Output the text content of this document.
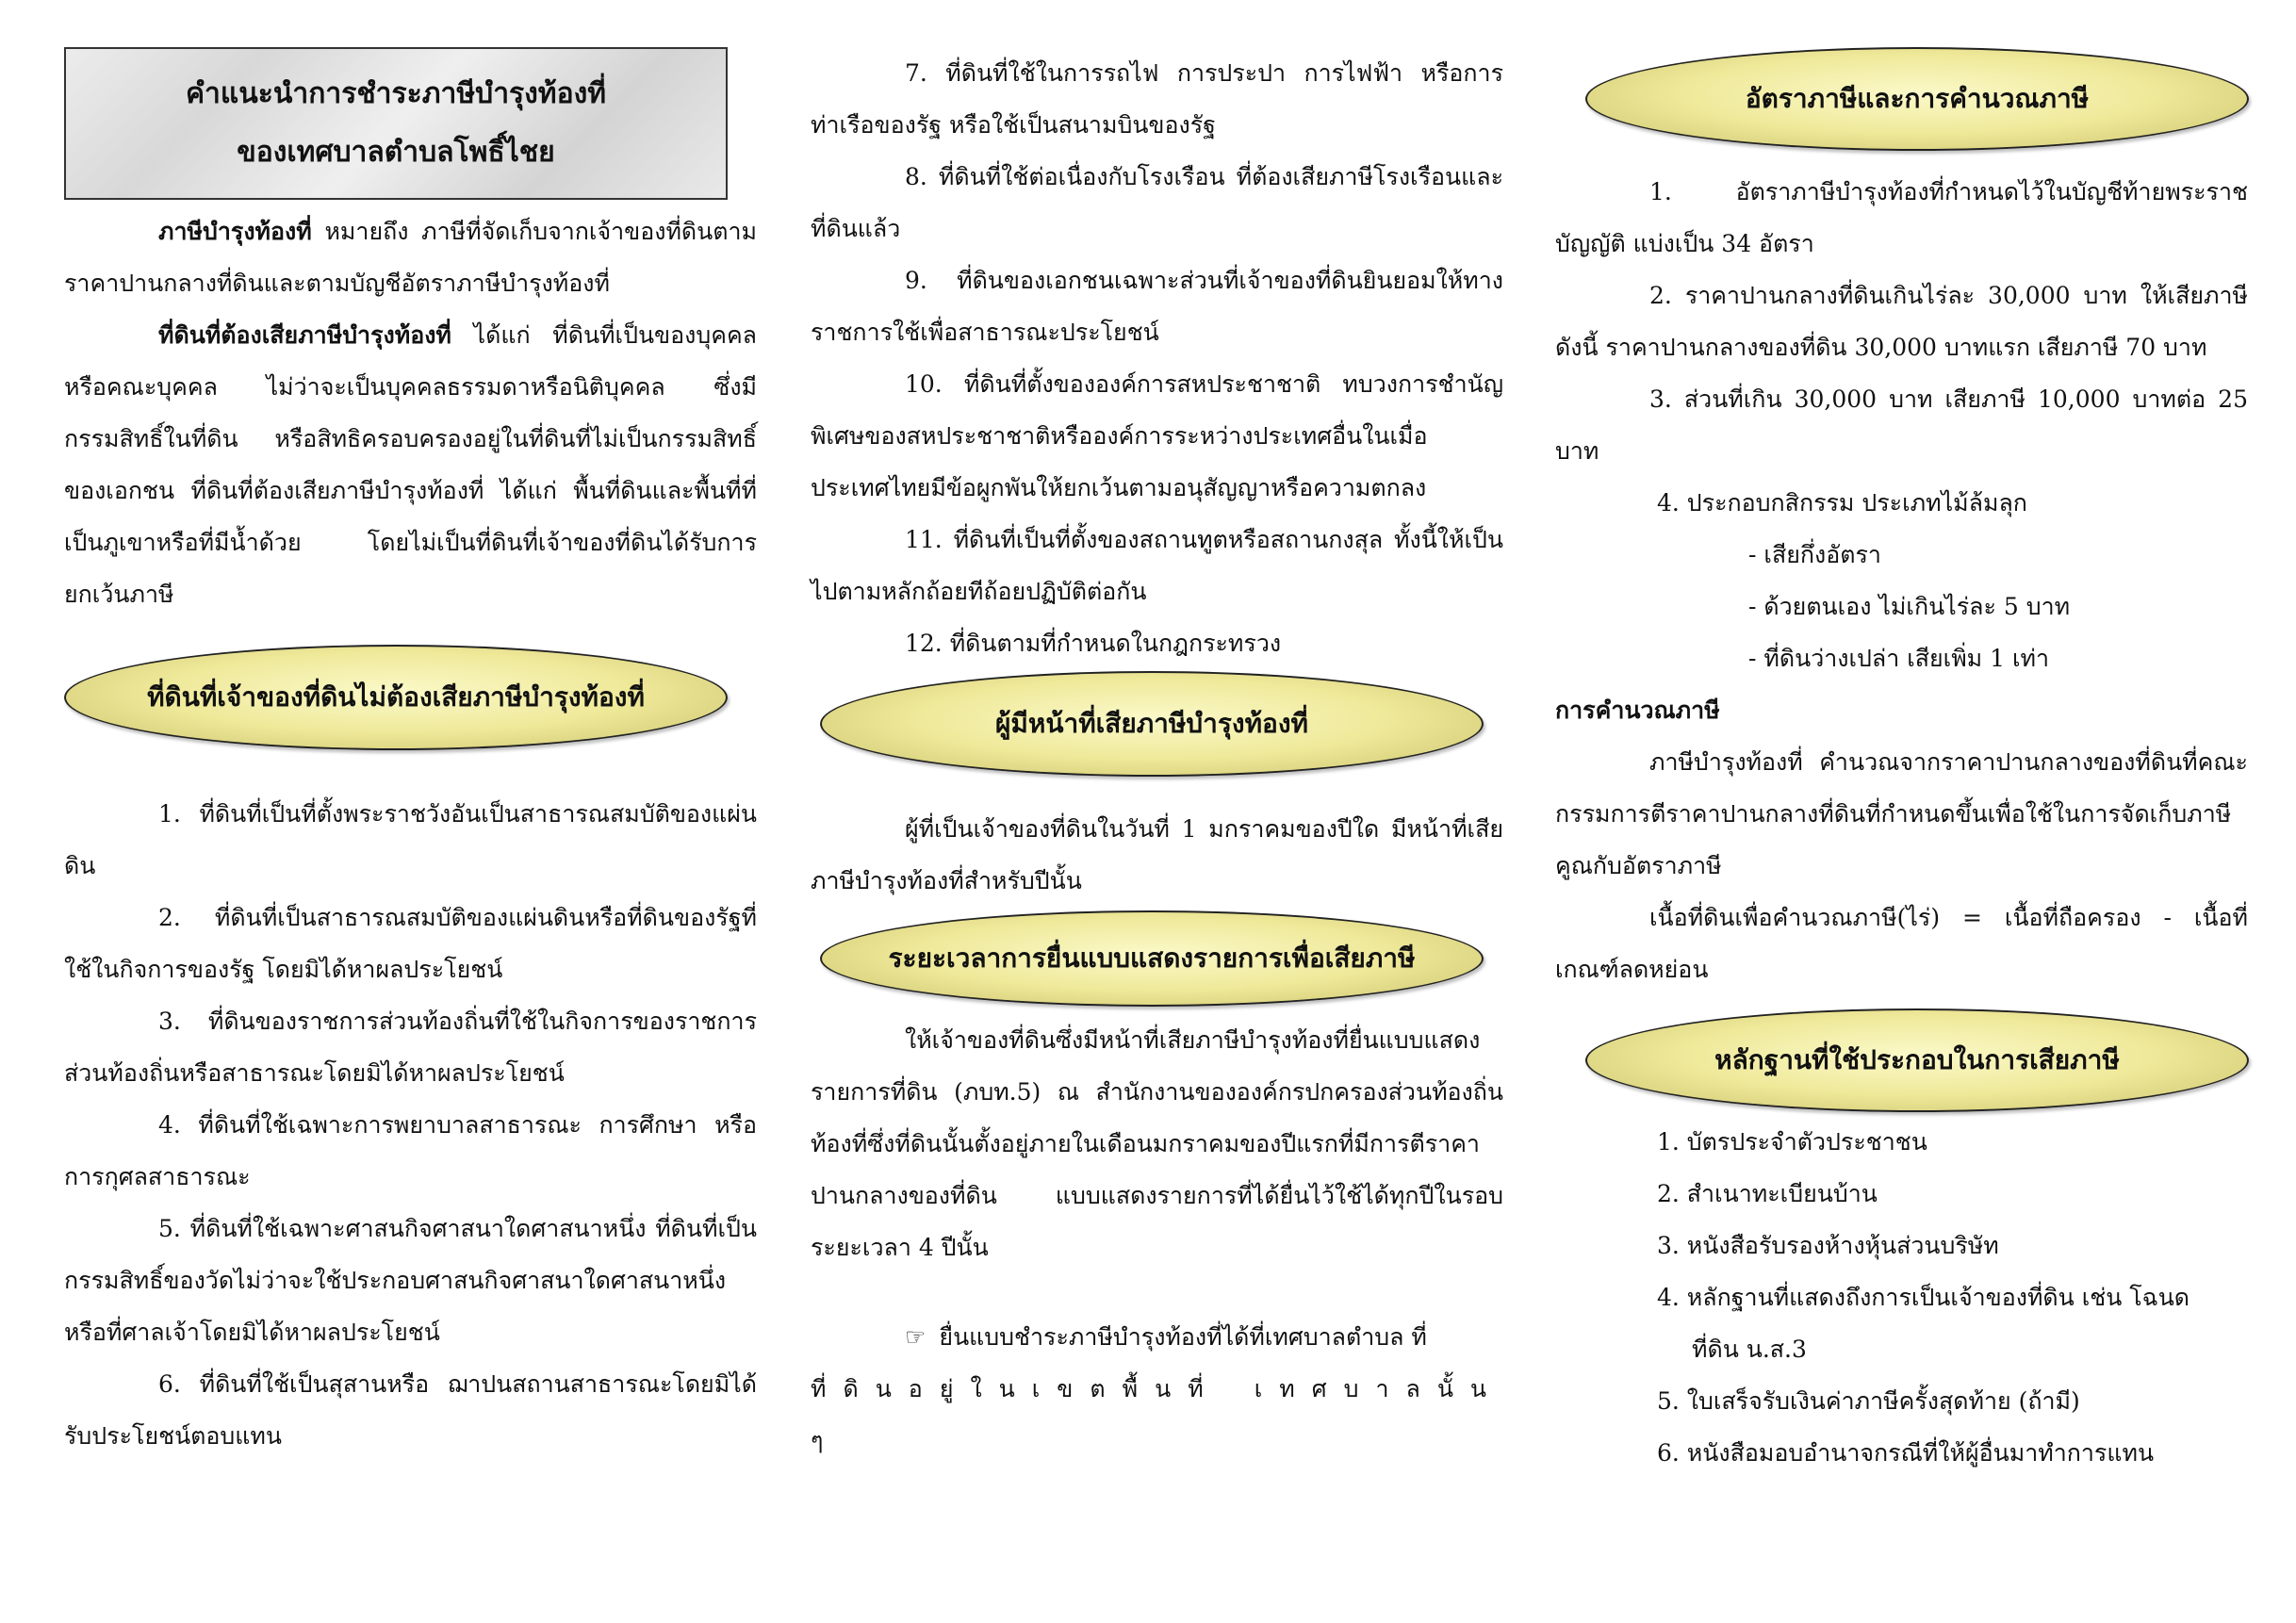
คำแนะนำการชำระภาษีบำรุงท้องที่
ของเทศบาลตำบลโพธิ์ไชย

ภาษีบำรุงท้องที่ หมายถึง ภาษีที่จัดเก็บจากเจ้าของที่ดินตามราคาปานกลางที่ดินและตามบัญชีอัตราภาษีบำรุงท้องที่

ที่ดินที่ต้องเสียภาษีบำรุงท้องที่ ได้แก่ ที่ดินที่เป็นของบุคคลหรือคณะบุคคล ไม่ว่าจะเป็นบุคคลธรรมดาหรือนิติบุคคล ซึ่งมีกรรมสิทธิ์ในที่ดิน หรือสิทธิครอบครองอยู่ในที่ดินที่ไม่เป็นกรรมสิทธิ์ของเอกชน ที่ดินที่ต้องเสียภาษีบำรุงท้องที่ ได้แก่ พื้นที่ดินและพื้นที่ที่เป็นภูเขาหรือที่มีน้ำด้วย โดยไม่เป็นที่ดินที่เจ้าของที่ดินได้รับการยกเว้นภาษี

ที่ดินที่เจ้าของที่ดินไม่ต้องเสียภาษีบำรุงท้องที่

1. ที่ดินที่เป็นที่ตั้งพระราชวังอันเป็นสาธารณสมบัติของแผ่นดิน

2. ที่ดินที่เป็นสาธารณสมบัติของแผ่นดินหรือที่ดินของรัฐที่ใช้ในกิจการของรัฐ โดยมิได้หาผลประโยชน์

3. ที่ดินของราชการส่วนท้องถิ่นที่ใช้ในกิจการของราชการส่วนท้องถิ่นหรือสาธารณะโดยมิได้หาผลประโยชน์

4. ที่ดินที่ใช้เฉพาะการพยาบาลสาธารณะ การศึกษา หรือการกุศลสาธารณะ

5. ที่ดินที่ใช้เฉพาะศาสนกิจศาสนาใดศาสนาหนึ่ง ที่ดินที่เป็นกรรมสิทธิ์ของวัดไม่ว่าจะใช้ประกอบศาสนกิจศาสนาใดศาสนาหนึ่ง หรือที่ศาลเจ้าโดยมิได้หาผลประโยชน์

6. ที่ดินที่ใช้เป็นสุสานหรือ ฌาปนสถานสาธารณะโดยมิได้รับประโยชน์ตอบแทน

7. ที่ดินที่ใช้ในการรถไฟ การประปา การไฟฟ้า หรือการท่าเรือของรัฐ หรือใช้เป็นสนามบินของรัฐ

8. ที่ดินที่ใช้ต่อเนื่องกับโรงเรือน ที่ต้องเสียภาษีโรงเรือนและที่ดินแล้ว

9. ที่ดินของเอกชนเฉพาะส่วนที่เจ้าของที่ดินยินยอมให้ทางราชการใช้เพื่อสาธารณะประโยชน์

10. ที่ดินที่ตั้งขององค์การสหประชาชาติ ทบวงการชำนัญพิเศษของสหประชาชาติหรือองค์การระหว่างประเทศอื่นในเมื่อประเทศไทยมีข้อผูกพันให้ยกเว้นตามอนุสัญญาหรือความตกลง

11. ที่ดินที่เป็นที่ตั้งของสถานทูตหรือสถานกงสุล ทั้งนี้ให้เป็นไปตามหลักถ้อยทีถ้อยปฏิบัติต่อกัน

12. ที่ดินตามที่กำหนดในกฎกระทรวง

ผู้มีหน้าที่เสียภาษีบำรุงท้องที่

ผู้ที่เป็นเจ้าของที่ดินในวันที่ 1 มกราคมของปีใด มีหน้าที่เสียภาษีบำรุงท้องที่สำหรับปีนั้น

ระยะเวลาการยื่นแบบแสดงรายการเพื่อเสียภาษี

ให้เจ้าของที่ดินซึ่งมีหน้าที่เสียภาษีบำรุงท้องที่ยื่นแบบแสดงรายการที่ดิน (ภบท.5) ณ สำนักงานขององค์กรปกครองส่วนท้องถิ่น ท้องที่ซึ่งที่ดินนั้นตั้งอยู่ภายในเดือนมกราคมของปีแรกที่มีการตีราคาปานกลางของที่ดิน แบบแสดงรายการที่ได้ยื่นไว้ใช้ได้ทุกปีในรอบระยะเวลา 4 ปีนั้น

☞ ยื่นแบบชำระภาษีบำรุงท้องที่ได้ที่เทศบาลตำบล ที่

ที่ดินอยู่ในเขตพื้นที่ เทศบาลนั้น ๆ

อัตราภาษีและการคำนวณภาษี

1. อัตราภาษีบำรุงท้องที่กำหนดไว้ในบัญชีท้ายพระราชบัญญัติ แบ่งเป็น 34 อัตรา

2. ราคาปานกลางที่ดินเกินไร่ละ 30,000 บาท ให้เสียภาษีดังนี้ ราคาปานกลางของที่ดิน 30,000 บาทแรก เสียภาษี 70 บาท

3. ส่วนที่เกิน 30,000 บาท เสียภาษี 10,000 บาทต่อ 25 บาท

4. ประกอบกสิกรรม ประเภทไม้ล้มลุก
- เสียกึ่งอัตรา
- ด้วยตนเอง ไม่เกินไร่ละ 5 บาท
- ที่ดินว่างเปล่า เสียเพิ่ม 1 เท่า
การคำนวณภาษี

ภาษีบำรุงท้องที่ คำนวณจากราคาปานกลางของที่ดินที่คณะกรรมการตีราคาปานกลางที่ดินที่กำหนดขึ้นเพื่อใช้ในการจัดเก็บภาษีคูณกับอัตราภาษี

เนื้อที่ดินเพื่อคำนวณภาษี(ไร่) = เนื้อที่ถือครอง - เนื้อที่เกณฑ์ลดหย่อน

หลักฐานที่ใช้ประกอบในการเสียภาษี
1. บัตรประจำตัวประชาชน
2. สำเนาทะเบียนบ้าน
3. หนังสือรับรองห้างหุ้นส่วนบริษัท
4. หลักฐานที่แสดงถึงการเป็นเจ้าของที่ดิน เช่น โฉนด
ที่ดิน น.ส.3
5. ใบเสร็จรับเงินค่าภาษีครั้งสุดท้าย (ถ้ามี)
6. หนังสือมอบอำนาจกรณีที่ให้ผู้อื่นมาทำการแทน
